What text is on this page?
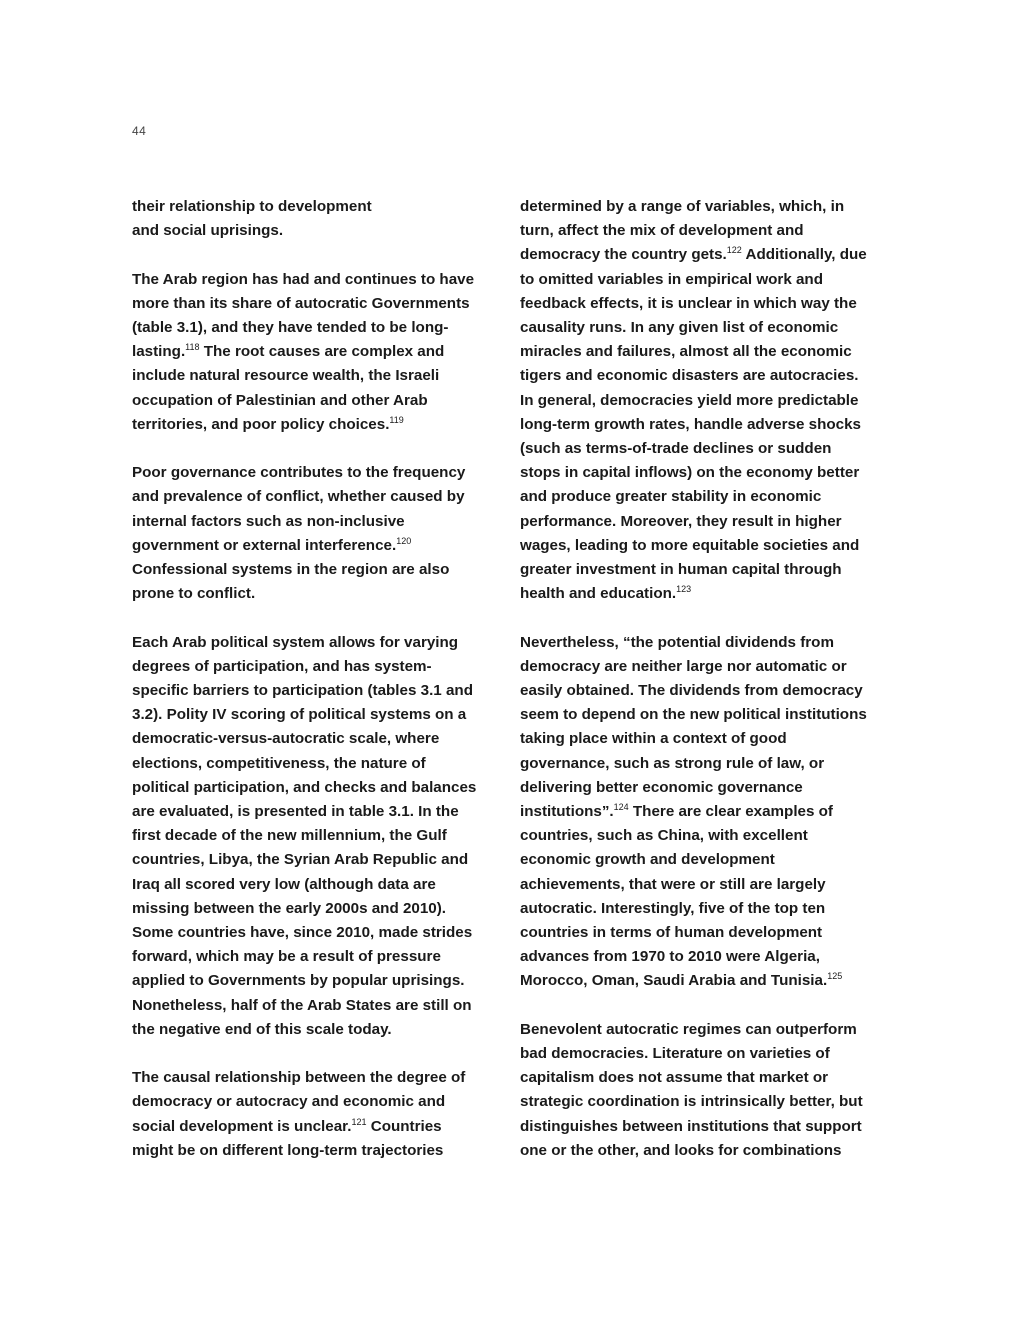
44

their relationship to development
and social uprisings.

The Arab region has had and continues to have
more than its share of autocratic Governments
(table 3.1), and they have tended to be long-
lasting.$^{118}$ The root causes are complex and
include natural resource wealth, the Israeli
occupation of Palestinian and other Arab
territories, and poor policy choices.$^{119}$

Poor governance contributes to the frequency
and prevalence of conflict, whether caused by
internal factors such as non-inclusive
government or external interference.$^{120}$
Confessional systems in the region are also
prone to conflict.

Each Arab political system allows for varying
degrees of participation, and has system-
specific barriers to participation (tables 3.1 and
3.2). Polity IV scoring of political systems on a
democratic-versus-autocratic scale, where
elections, competitiveness, the nature of
political participation, and checks and balances
are evaluated, is presented in table 3.1. In the
first decade of the new millennium, the Gulf
countries, Libya, the Syrian Arab Republic and
Iraq all scored very low (although data are
missing between the early 2000s and 2010).
Some countries have, since 2010, made strides
forward, which may be a result of pressure
applied to Governments by popular uprisings.
Nonetheless, half of the Arab States are still on
the negative end of this scale today.

The causal relationship between the degree of
democracy or autocracy and economic and
social development is unclear.$^{121}$ Countries
might be on different long-term trajectories

determined by a range of variables, which, in
turn, affect the mix of development and
democracy the country gets.$^{122}$ Additionally, due
to omitted variables in empirical work and
feedback effects, it is unclear in which way the
causality runs. In any given list of economic
miracles and failures, almost all the economic
tigers and economic disasters are autocracies.
In general, democracies yield more predictable
long-term growth rates, handle adverse shocks
(such as terms-of-trade declines or sudden
stops in capital inflows) on the economy better
and produce greater stability in economic
performance. Moreover, they result in higher
wages, leading to more equitable societies and
greater investment in human capital through
health and education.$^{123}$

Nevertheless, “the potential dividends from
democracy are neither large nor automatic or
easily obtained. The dividends from democracy
seem to depend on the new political institutions
taking place within a context of good
governance, such as strong rule of law, or
delivering better economic governance
institutions”.$^{124}$ There are clear examples of
countries, such as China, with excellent
economic growth and development
achievements, that were or still are largely
autocratic. Interestingly, five of the top ten
countries in terms of human development
advances from 1970 to 2010 were Algeria,
Morocco, Oman, Saudi Arabia and Tunisia.$^{125}$

Benevolent autocratic regimes can outperform
bad democracies. Literature on varieties of
capitalism does not assume that market or
strategic coordination is intrinsically better, but
distinguishes between institutions that support
one or the other, and looks for combinations
